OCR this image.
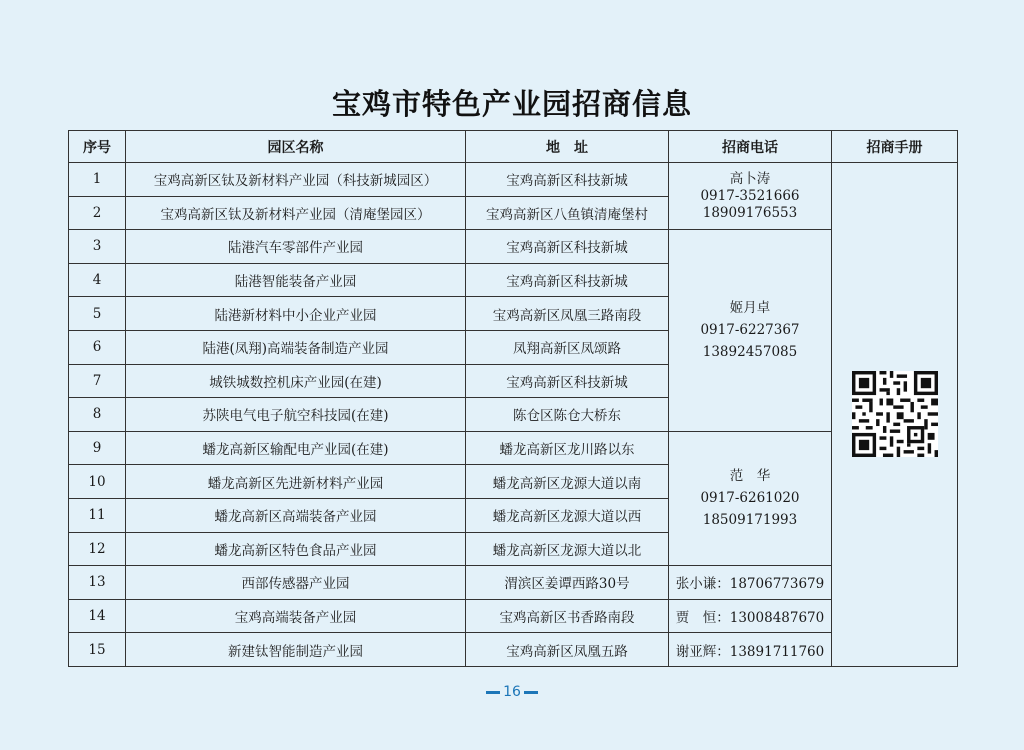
宝鸡市特色产业园招商信息
序号	园区名称	地　址	招商电话	招商手册
1	宝鸡高新区钛及新材料产业园（科技新城园区）	宝鸡高新区科技新城	高卜涛
0917-3521666
18909176553

2	宝鸡高新区钛及新材料产业园（清庵堡园区）	宝鸡高新区八鱼镇清庵堡村		
3	陆港汽车零部件产业园	宝鸡高新区科技新城	姬月卓
0917-6227367
13892457085	

4	陆港智能装备产业园	宝鸡高新区科技新城		
5	陆港新材料中小企业产业园	宝鸡高新区凤凰三路南段		
6	陆港(凤翔)高端装备制造产业园	凤翔高新区凤颂路		
7	城铁城数控机床产业园(在建)	宝鸡高新区科技新城		
8	苏陕电气电子航空科技园(在建)	陈仓区陈仓大桥东		
9	蟠龙高新区输配电产业园(在建)	蟠龙高新区龙川路以东	范　华
0917-6261020
18509171993	

10	蟠龙高新区先进新材料产业园	蟠龙高新区龙源大道以南		
11	蟠龙高新区高端装备产业园	蟠龙高新区龙源大道以西		
12	蟠龙高新区特色食品产业园	蟠龙高新区龙源大道以北		
13	西部传感器产业园	渭滨区姜谭西路30号	张小谦：18706773679	
14	宝鸡高端装备产业园	宝鸡高新区书香路南段	贾　恒：13008487670	
15	新建钛智能制造产业园	宝鸡高新区凤凰五路	谢亚辉：13891711760	
16
